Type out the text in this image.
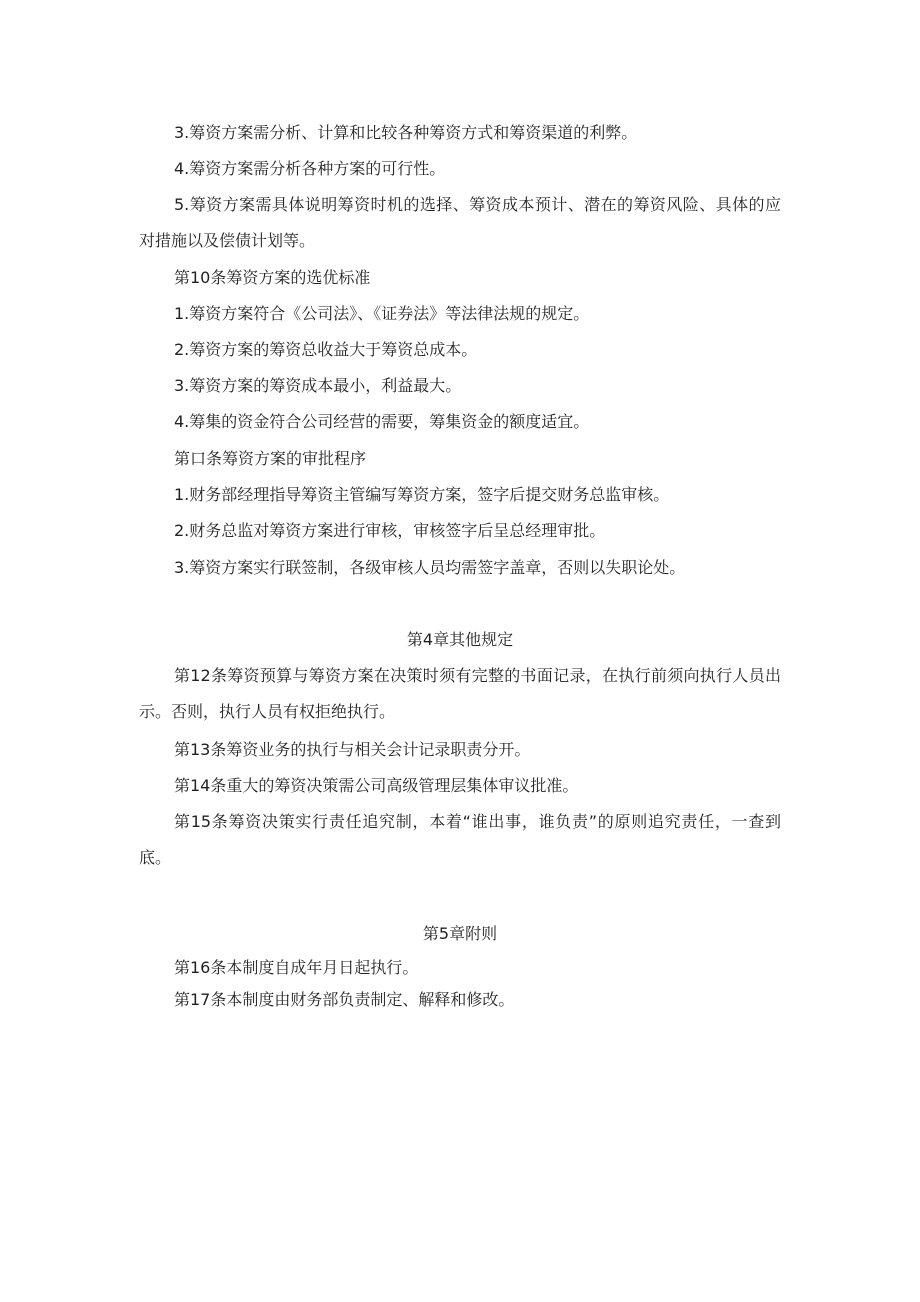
3.筹资方案需分析、计算和比较各种筹资方式和筹资渠道的利弊。
4.筹资方案需分析各种方案的可行性。
5.筹资方案需具体说明筹资时机的选择、筹资成本预计、潜在的筹资风险、具体的应对措施以及偿债计划等。
第10条筹资方案的选优标准
1.筹资方案符合《公司法》、《证券法》等法律法规的规定。
2.筹资方案的筹资总收益大于筹资总成本。
3.筹资方案的筹资成本最小，利益最大。
4.筹集的资金符合公司经营的需要，筹集资金的额度适宜。
第口条筹资方案的审批程序
1.财务部经理指导筹资主管编写筹资方案，签字后提交财务总监审核。
2.财务总监对筹资方案进行审核，审核签字后呈总经理审批。
3.筹资方案实行联签制，各级审核人员均需签字盖章，否则以失职论处。
第4章其他规定
第12条筹资预算与筹资方案在决策时须有完整的书面记录，在执行前须向执行人员出示。否则，执行人员有权拒绝执行。
第13条筹资业务的执行与相关会计记录职责分开。
第14条重大的筹资决策需公司高级管理层集体审议批准。
第15条筹资决策实行责任追究制，本着“谁出事，谁负责”的原则追究责任，一查到底。
第5章附则
第16条本制度自成年月日起执行。
第17条本制度由财务部负责制定、解释和修改。
